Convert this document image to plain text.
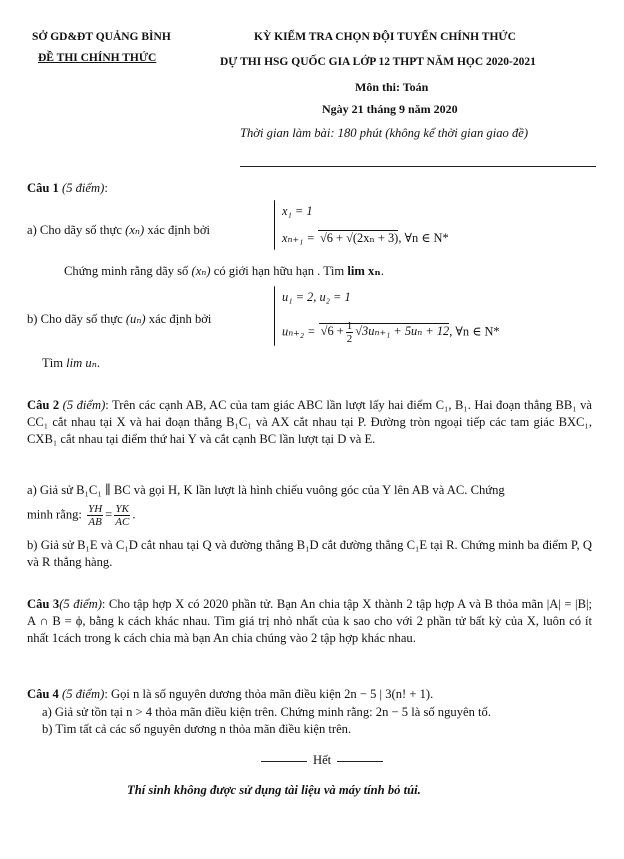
SỞ GD&ĐT QUẢNG BÌNH
ĐỀ THI CHÍNH THỨC
KỲ KIỂM TRA CHỌN ĐỘI TUYỂN CHÍNH THỨC
DỰ THI HSG QUỐC GIA LỚP 12 THPT NĂM HỌC 2020-2021
Môn thi: Toán
Ngày 21 tháng 9 năm 2020
Thời gian làm bài: 180 phút (không kể thời gian giao đề)
Câu 1 (5 điểm):
a) Cho dãy số thực (xₙ) xác định bởi
x₁ = 1
xₙ₊₁ = √6 + √(2xₙ + 3), ∀n ∈ N*
Chứng minh rằng dãy số (xₙ) có giới hạn hữu hạn . Tìm lim xₙ.
b) Cho dãy số thực (uₙ) xác định bởi
u₁ = 2, u₂ = 1
$u_{n+2} = √6 + \frac{1}{2} √3u_{n+1} + 5u_n + 12$, ∀n ∈ N*
Tìm lim uₙ.
Câu 2 (5 điểm): Trên các cạnh AB, AC của tam giác ABC lần lượt lấy hai điểm C₁, B₁. Hai đoạn thẳng BB₁ và CC₁ cắt nhau tại X và hai đoạn thẳng B₁C₁ và AX cắt nhau tại P. Đường tròn ngoại tiếp các tam giác BXC₁, CXB₁ cắt nhau tại điểm thứ hai Y và cắt cạnh BC lần lượt tại D và E.
a) Giả sử B₁C₁ ∥ BC và gọi H, K lần lượt là hình chiếu vuông góc của Y lên AB và AC. Chứng
minh rằng: $\frac{YH}{AB} = \frac{YK}{AC}$ .
b) Giả sử B₁E và C₁D cắt nhau tại Q và đường thẳng B₁D cắt đường thẳng C₁E tại R. Chứng minh ba điểm P, Q và R thẳng hàng.
Câu 3(5 điểm): Cho tập hợp X có 2020 phần tử. Bạn An chia tập X thành 2 tập hợp A và B thỏa mãn |A| = |B|; A ∩ B = ϕ, bằng k cách khác nhau. Tìm giá trị nhỏ nhất của k sao cho với 2 phần tử bất kỳ của X, luôn có ít nhất 1cách trong k cách chia mà bạn An chia chúng vào 2 tập hợp khác nhau.
Câu 4 (5 điểm): Gọi n là số nguyên dương thỏa mãn điều kiện 2n − 5 | 3(n! + 1).
a) Giả sử tồn tại n > 4 thỏa mãn điều kiện trên. Chứng minh rằng: 2n − 5 là số nguyên tố.
b) Tìm tất cả các số nguyên dương n thỏa mãn điều kiện trên.
Hết
Thí sinh không được sử dụng tài liệu và máy tính bỏ túi.
